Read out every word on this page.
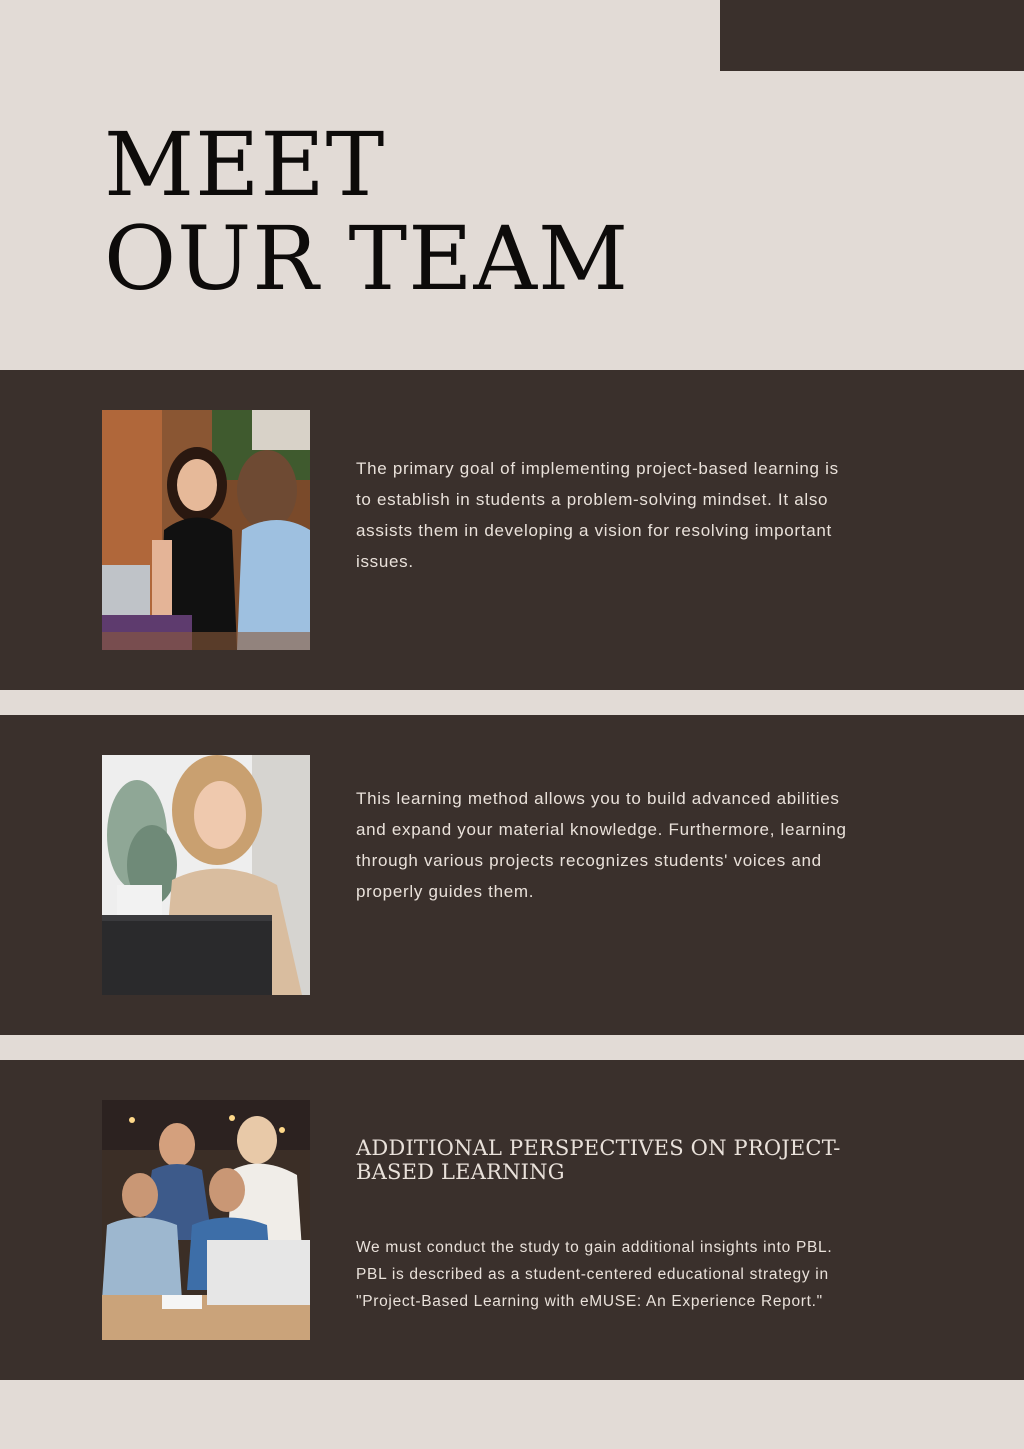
MEET
OUR TEAM

The primary goal of implementing project-based learning is to establish in students a problem-solving mindset. It also assists them in developing a vision for resolving important issues.

This learning method allows you to build advanced abilities and expand your material knowledge. Furthermore, learning through various projects recognizes students' voices and properly guides them.

ADDITIONAL PERSPECTIVES ON PROJECT-BASED LEARNING

We must conduct the study to gain additional insights into PBL. PBL is described as a student-centered educational strategy in "Project-Based Learning with eMUSE: An Experience Report."
